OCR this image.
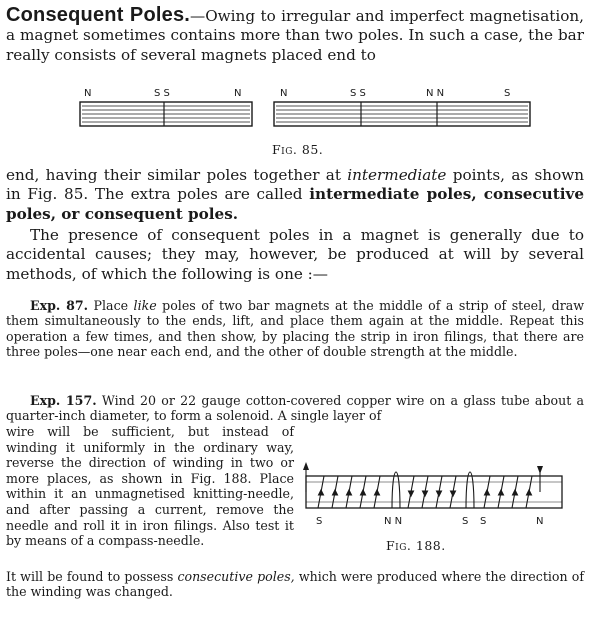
Consequent Poles.—Owing to irregular and imperfect magnetisation, a magnet sometimes contains more than two poles. In such a case, the bar really consists of several magnets placed end to

N	S S	N	N	S S	N N	S
Fig. 85.

end, having their similar poles together at intermediate points, as shown in Fig. 85. The extra poles are called intermediate poles, consecutive poles, or consequent poles.

The presence of consequent poles in a magnet is generally due to accidental causes; they may, however, be produced at will by several methods, of which the following is one :—

Exp. 87. Place like poles of two bar magnets at the middle of a strip of steel, draw them simultaneously to the ends, lift, and place them again at the middle. Repeat this operation a few times, and then show, by placing the strip in iron filings, that there are three poles—one near each end, and the other of double strength at the middle.

Exp. 157. Wind 20 or 22 gauge cotton-covered copper wire on a glass tube about a quarter-inch diameter, to form a solenoid. A single layer of

wire will be sufficient, but instead of winding it uniformly in the ordinary way, reverse the direction of winding in two or more places, as shown in Fig. 188. Place within it an unmagnetised knitting-needle, and after passing a current, remove the needle and roll it in iron filings. Also test it by means of a compass-needle.

It will be found to possess consecutive poles, which were produced where the direction of the winding was changed.

S	N N	S S	N
Fig. 188.
